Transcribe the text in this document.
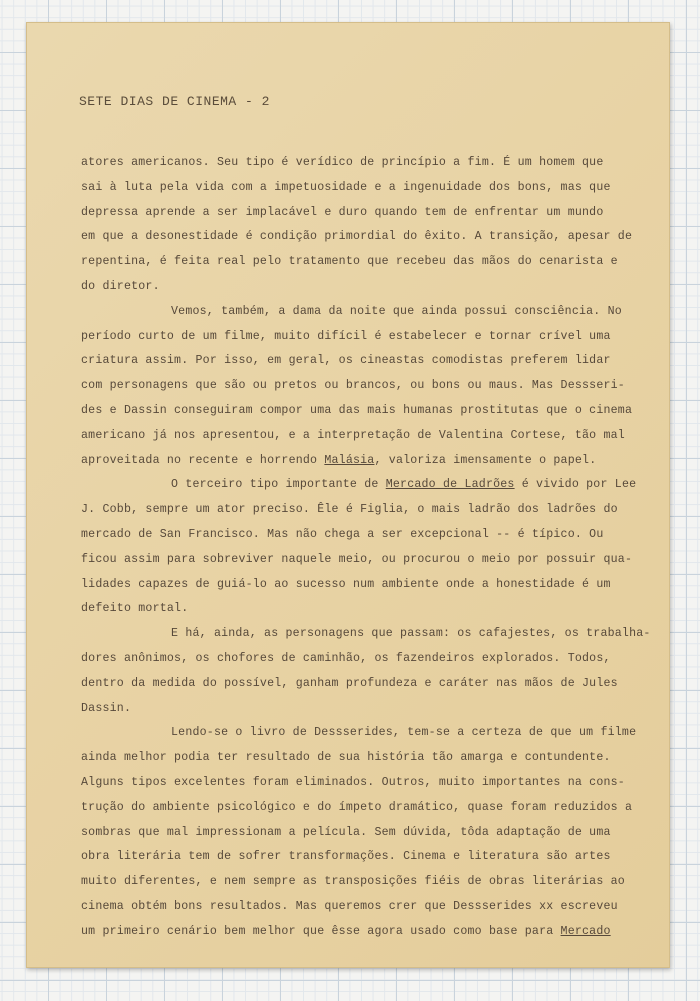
SETE DIAS DE CINEMA - 2
atores americanos. Seu tipo é verídico de princípio a fim. É um homem que
sai à luta pela vida com a impetuosidade e a ingenuidade dos bons, mas que
depressa aprende a ser implacável e duro quando tem de enfrentar um mundo
em que a desonestidade é condição primordial do êxito. A transição, apesar de
repentina, é feita real pelo tratamento que recebeu das mãos do cenarista e
do diretor.
Vemos, também, a dama da noite que ainda possui consciência. No
período curto de um filme, muito difícil é estabelecer e tornar crível uma
criatura assim. Por isso, em geral, os cineastas comodistas preferem lidar
com personagens que são ou pretos ou brancos, ou bons ou maus. Mas Dessseri-
des e Dassin conseguiram compor uma das mais humanas prostitutas que o cinema
americano já nos apresentou, e a interpretação de Valentina Cortese, tão mal
aproveitada no recente e horrendo Malásia, valoriza imensamente o papel.
O terceiro tipo importante de Mercado de Ladrões é vivido por Lee
J. Cobb, sempre um ator preciso. Êle é Figlia, o mais ladrão dos ladrões do
mercado de San Francisco. Mas não chega a ser excepcional -- é típico. Ou
ficou assim para sobreviver naquele meio, ou procurou o meio por possuir qua-
lidades capazes de guiá-lo ao sucesso num ambiente onde a honestidade é um
defeito mortal.
E há, ainda, as personagens que passam: os cafajestes, os trabalha-
dores anônimos, os chofores de caminhão, os fazendeiros explorados. Todos,
dentro da medida do possível, ganham profundeza e caráter nas mãos de Jules
Dassin.
Lendo-se o livro de Dessserides, tem-se a certeza de que um filme
ainda melhor podia ter resultado de sua história tão amarga e contundente.
Alguns tipos excelentes foram eliminados. Outros, muito importantes na cons-
trução do ambiente psicológico e do ímpeto dramático, quase foram reduzidos a
sombras que mal impressionam a película. Sem dúvida, tôda adaptação de uma
obra literária tem de sofrer transformações. Cinema e literatura são artes
muito diferentes, e nem sempre as transposições fiéis de obras literárias ao
cinema obtém bons resultados. Mas queremos crer que Dessserides xx escreveu
um primeiro cenário bem melhor que êsse agora usado como base para Mercado
